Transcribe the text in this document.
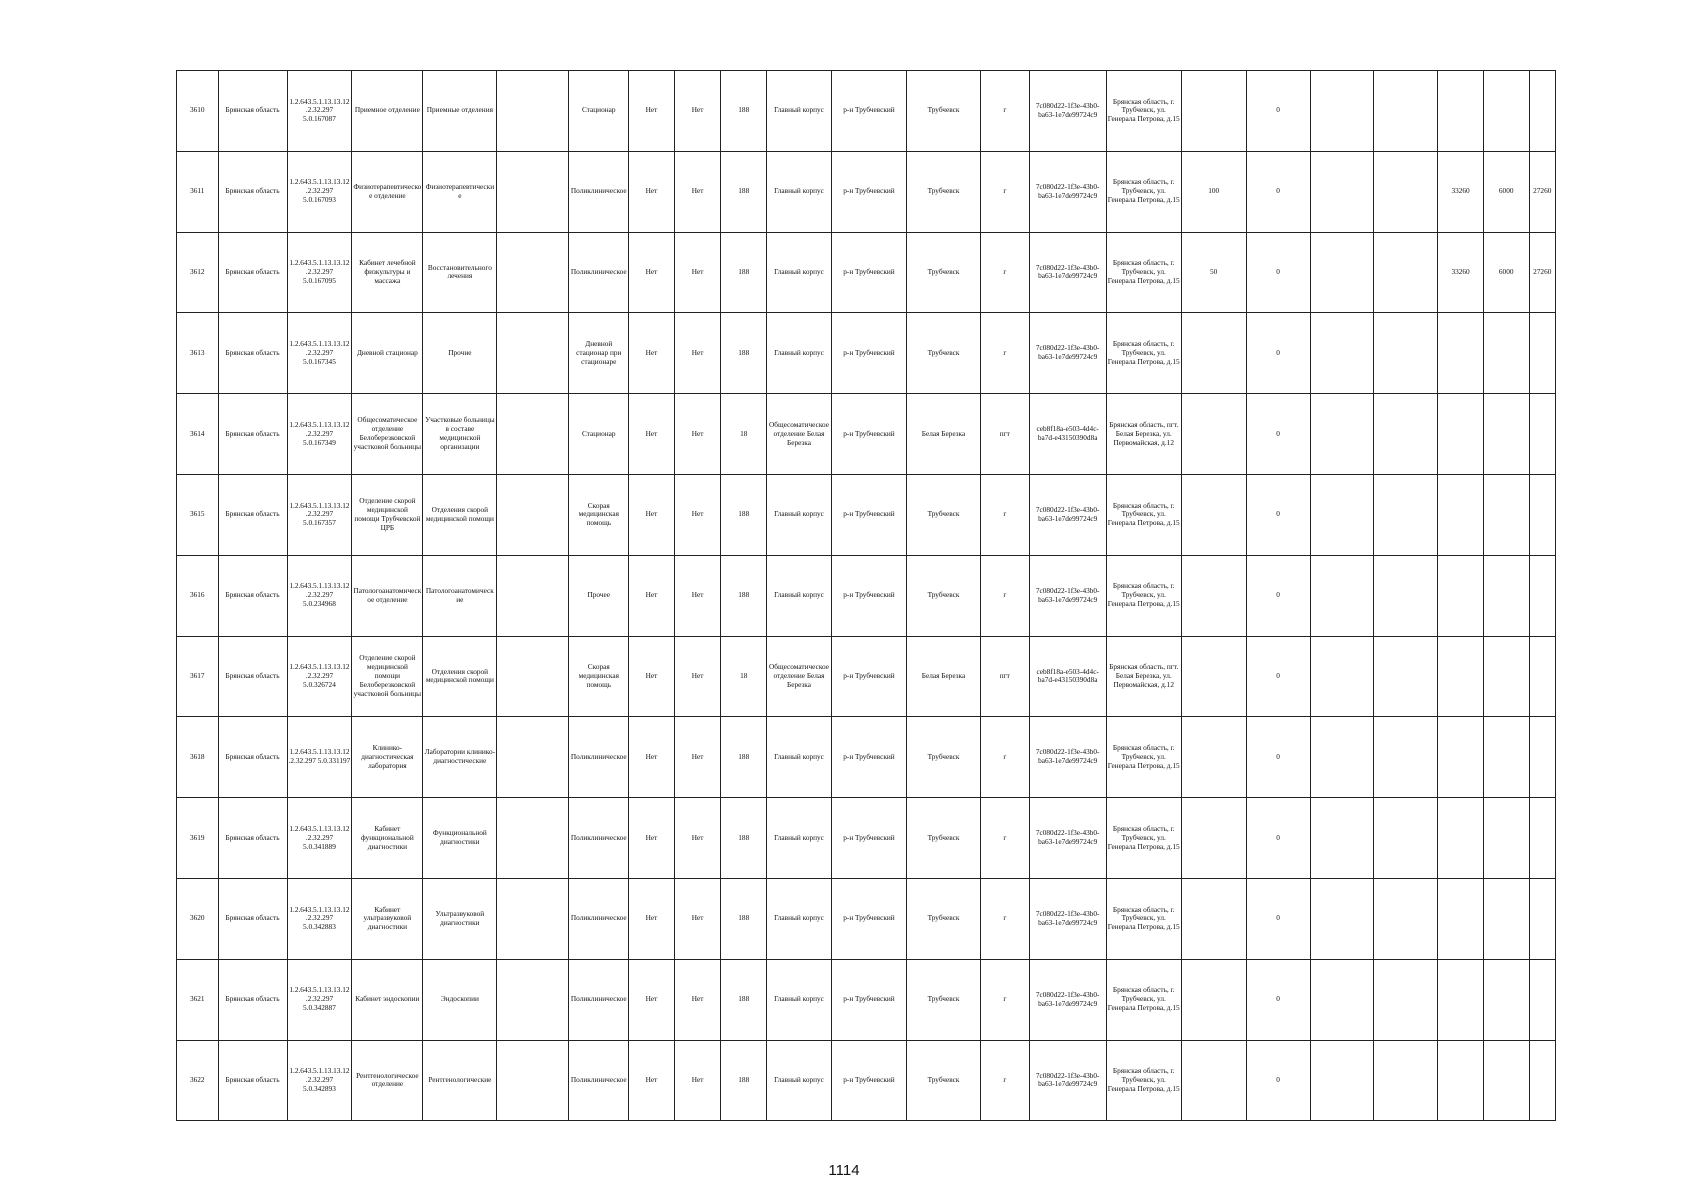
3610	Брянская область	1.2.643.5.1.13.13.12.2.32.297 5.0.167087	Приемное отделение	Приемные отделения		Стационар	Нет	Нет	188	Главный корпус	р-н Трубчевский	Трубчевск	г	7c080d22-1f3e-43b0-ba63-1e7de99724c9	Брянская область, г. Трубчевск, ул. Генерала Петрова, д.15		0					
3611	Брянская область	1.2.643.5.1.13.13.12.2.32.297 5.0.167093	Физиотерапевтическое отделение	Физиотерапевтические		Поликлиническое	Нет	Нет	188	Главный корпус	р-н Трубчевский	Трубчевск	г	7c080d22-1f3e-43b0-ba63-1e7de99724c9	Брянская область, г. Трубчевск, ул. Генерала Петрова, д.15	100	0			33260	6000	27260
3612	Брянская область	1.2.643.5.1.13.13.12.2.32.297 5.0.167095	Кабинет лечебной физкультуры и массажа	Восстановительного лечения		Поликлиническое	Нет	Нет	188	Главный корпус	р-н Трубчевский	Трубчевск	г	7c080d22-1f3e-43b0-ba63-1e7de99724c9	Брянская область, г. Трубчевск, ул. Генерала Петрова, д.15	50	0			33260	6000	27260
3613	Брянская область	1.2.643.5.1.13.13.12.2.32.297 5.0.167345	Дневной стационар	Прочие		Дневной стационар при стационаре	Нет	Нет	188	Главный корпус	р-н Трубчевский	Трубчевск	г	7c080d22-1f3e-43b0-ba63-1e7de99724c9	Брянская область, г. Трубчевск, ул. Генерала Петрова, д.15		0					
3614	Брянская область	1.2.643.5.1.13.13.12.2.32.297 5.0.167349	Общесоматическое отделение Белоберезковской участковой больницы	Участковые больницы в составе медицинской организации		Стационар	Нет	Нет	18	Общесоматическое отделение Белая Березка	р-н Трубчевский	Белая Березка	пгт	ceb8f18a-e503-4d4c-ba7d-e43150390d8a	Брянская область, пгт. Белая Березка, ул. Первомайская, д.12		0					
3615	Брянская область	1.2.643.5.1.13.13.12.2.32.297 5.0.167357	Отделение скорой медицинской помощи Трубчевской ЦРБ	Отделения скорой медицинской помощи		Скорая медицинская помощь	Нет	Нет	188	Главный корпус	р-н Трубчевский	Трубчевск	г	7c080d22-1f3e-43b0-ba63-1e7de99724c9	Брянская область, г. Трубчевск, ул. Генерала Петрова, д.15		0					
3616	Брянская область	1.2.643.5.1.13.13.12.2.32.297 5.0.234968	Патологоанатомическое отделение	Патологоанатомические		Прочее	Нет	Нет	188	Главный корпус	р-н Трубчевский	Трубчевск	г	7c080d22-1f3e-43b0-ba63-1e7de99724c9	Брянская область, г. Трубчевск, ул. Генерала Петрова, д.15		0					
3617	Брянская область	1.2.643.5.1.13.13.12.2.32.297 5.0.326724	Отделение скорой медицинской помощи Белоберезковской участковой больницы	Отделения скорой медицинской помощи		Скорая медицинская помощь	Нет	Нет	18	Общесоматическое отделение Белая Березка	р-н Трубчевский	Белая Березка	пгт	ceb8f18a-e503-4d4c-ba7d-e43150390d8a	Брянская область, пгт. Белая Березка, ул. Первомайская, д.12		0					
3618	Брянская область	1.2.643.5.1.13.13.12.2.32.297 5.0.331197	Клинико-диагностическая лаборатория	Лаборатории клинико-диагностические		Поликлиническое	Нет	Нет	188	Главный корпус	р-н Трубчевский	Трубчевск	г	7c080d22-1f3e-43b0-ba63-1e7de99724c9	Брянская область, г. Трубчевск, ул. Генерала Петрова, д.15		0					
3619	Брянская область	1.2.643.5.1.13.13.12.2.32.297 5.0.341889	Кабинет функциональной диагностики	Функциональной диагностики		Поликлиническое	Нет	Нет	188	Главный корпус	р-н Трубчевский	Трубчевск	г	7c080d22-1f3e-43b0-ba63-1e7de99724c9	Брянская область, г. Трубчевск, ул. Генерала Петрова, д.15		0					
3620	Брянская область	1.2.643.5.1.13.13.12.2.32.297 5.0.342883	Кабинет ультразвуковой диагностики	Ультразвуковой диагностики		Поликлиническое	Нет	Нет	188	Главный корпус	р-н Трубчевский	Трубчевск	г	7c080d22-1f3e-43b0-ba63-1e7de99724c9	Брянская область, г. Трубчевск, ул. Генерала Петрова, д.15		0					
3621	Брянская область	1.2.643.5.1.13.13.12.2.32.297 5.0.342887	Кабинет эндоскопии	Эндоскопии		Поликлиническое	Нет	Нет	188	Главный корпус	р-н Трубчевский	Трубчевск	г	7c080d22-1f3e-43b0-ba63-1e7de99724c9	Брянская область, г. Трубчевск, ул. Генерала Петрова, д.15		0					
3622	Брянская область	1.2.643.5.1.13.13.12.2.32.297 5.0.342893	Рентгенологическое отделение	Рентгенологические		Поликлиническое	Нет	Нет	188	Главный корпус	р-н Трубчевский	Трубчевск	г	7c080d22-1f3e-43b0-ba63-1e7de99724c9	Брянская область, г. Трубчевск, ул. Генерала Петрова, д.15		0					
1114
